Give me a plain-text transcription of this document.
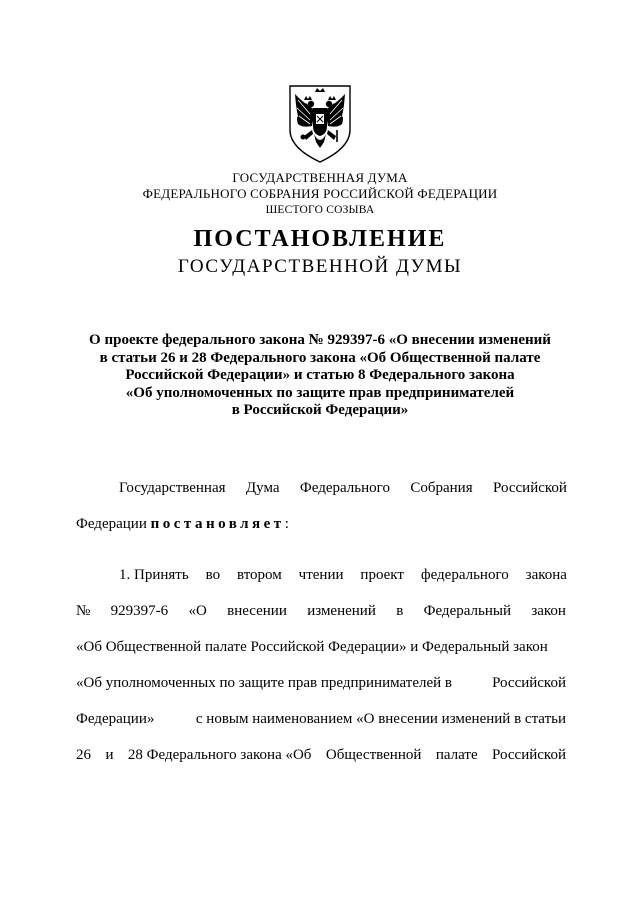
ГОСУДАРСТВЕННАЯ ДУМА
ФЕДЕРАЛЬНОГО СОБРАНИЯ РОССИЙСКОЙ ФЕДЕРАЦИИ
ШЕСТОГО СОЗЫВА
ПОСТАНОВЛЕНИЕ
ГОСУДАРСТВЕННОЙ ДУМЫ
О проекте федерального закона № 929397-6 «О внесении изменений
в статьи 26 и 28 Федерального закона «Об Общественной палате
Российской Федерации» и статью 8 Федерального закона
«Об уполномоченных по защите прав предпринимателей
в Российской Федерации»
Государственная Дума Федерального Собрания Российской
Федерации постановляет:
1. Принять во втором чтении проект федерального закона
№ 929397-6 «О внесении изменений в Федеральный закон
«Об Общественной палате Российской Федерации» и Федеральный закон
«Об уполномоченных по защите прав предпринимателей в	Российской
Федерации»	с новым наименованием «О внесении изменений в статьи
26 и 28 Федерального закона «Об Общественной палате Российской
